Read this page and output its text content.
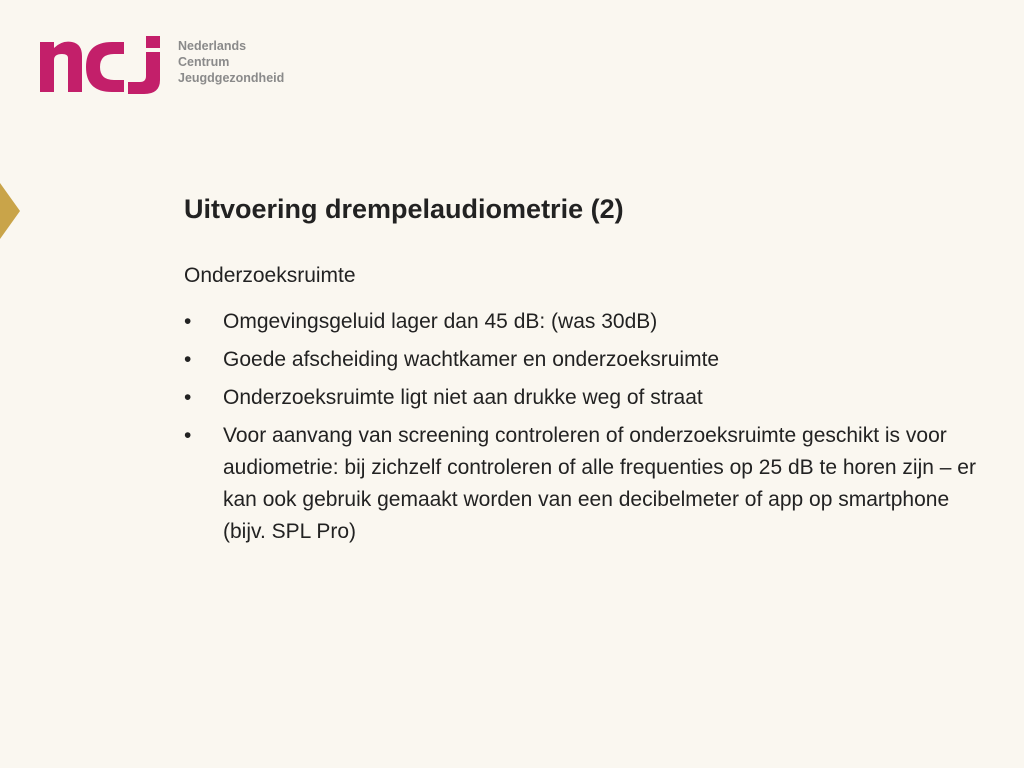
Nederlands
Centrum
Jeugdgezondheid
Uitvoering drempelaudiometrie (2)

Onderzoeksruimte

•	Omgevingsgeluid lager dan 45 dB: (was 30dB)
•	Goede afscheiding wachtkamer en onderzoeksruimte
•	Onderzoeksruimte ligt niet aan drukke weg of straat
•	Voor aanvang van screening controleren of onderzoeksruimte geschikt is voor audiometrie: bij zichzelf controleren of alle frequenties op 25 dB te horen zijn – er kan ook gebruik gemaakt worden van een decibelmeter of app op smartphone (bijv. SPL Pro)
